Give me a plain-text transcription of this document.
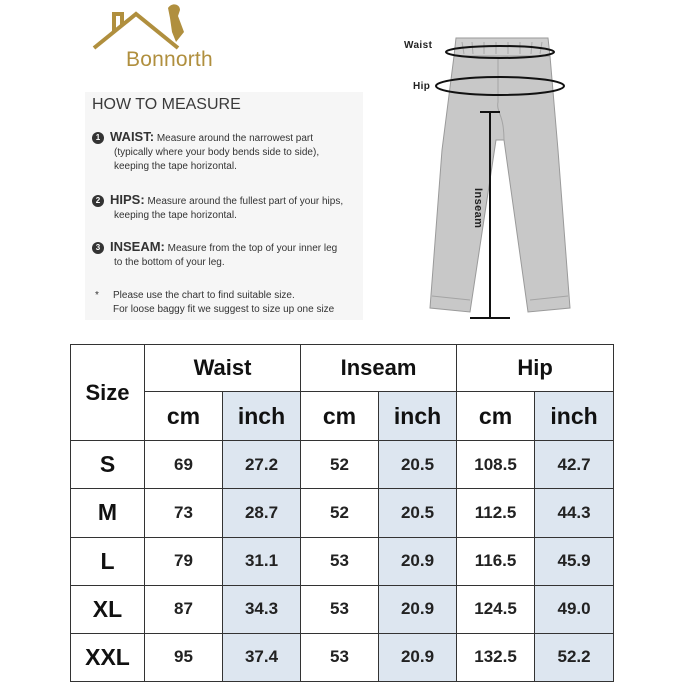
Bonnorth
HOW TO MEASURE
1 WAIST: Measure around the narrowest part
(typically where your body bends side to side),
keeping the tape horizontal.
2 HIPS: Measure around the fullest part of your hips,
keeping the tape horizontal.
3 INSEAM: Measure from the top of your inner leg
to the bottom of your leg.
* Please use the chart to find suitable size.
For loose baggy fit we suggest to size up one size
Waist
Hip
Inseam
Size	Waist		Inseam		Hip	
	cm	inch	cm	inch	cm	inch
S	69	27.2	52	20.5	108.5	42.7
M	73	28.7	52	20.5	112.5	44.3
L	79	31.1	53	20.9	116.5	45.9
XL	87	34.3	53	20.9	124.5	49.0
XXL	95	37.4	53	20.9	132.5	52.2
